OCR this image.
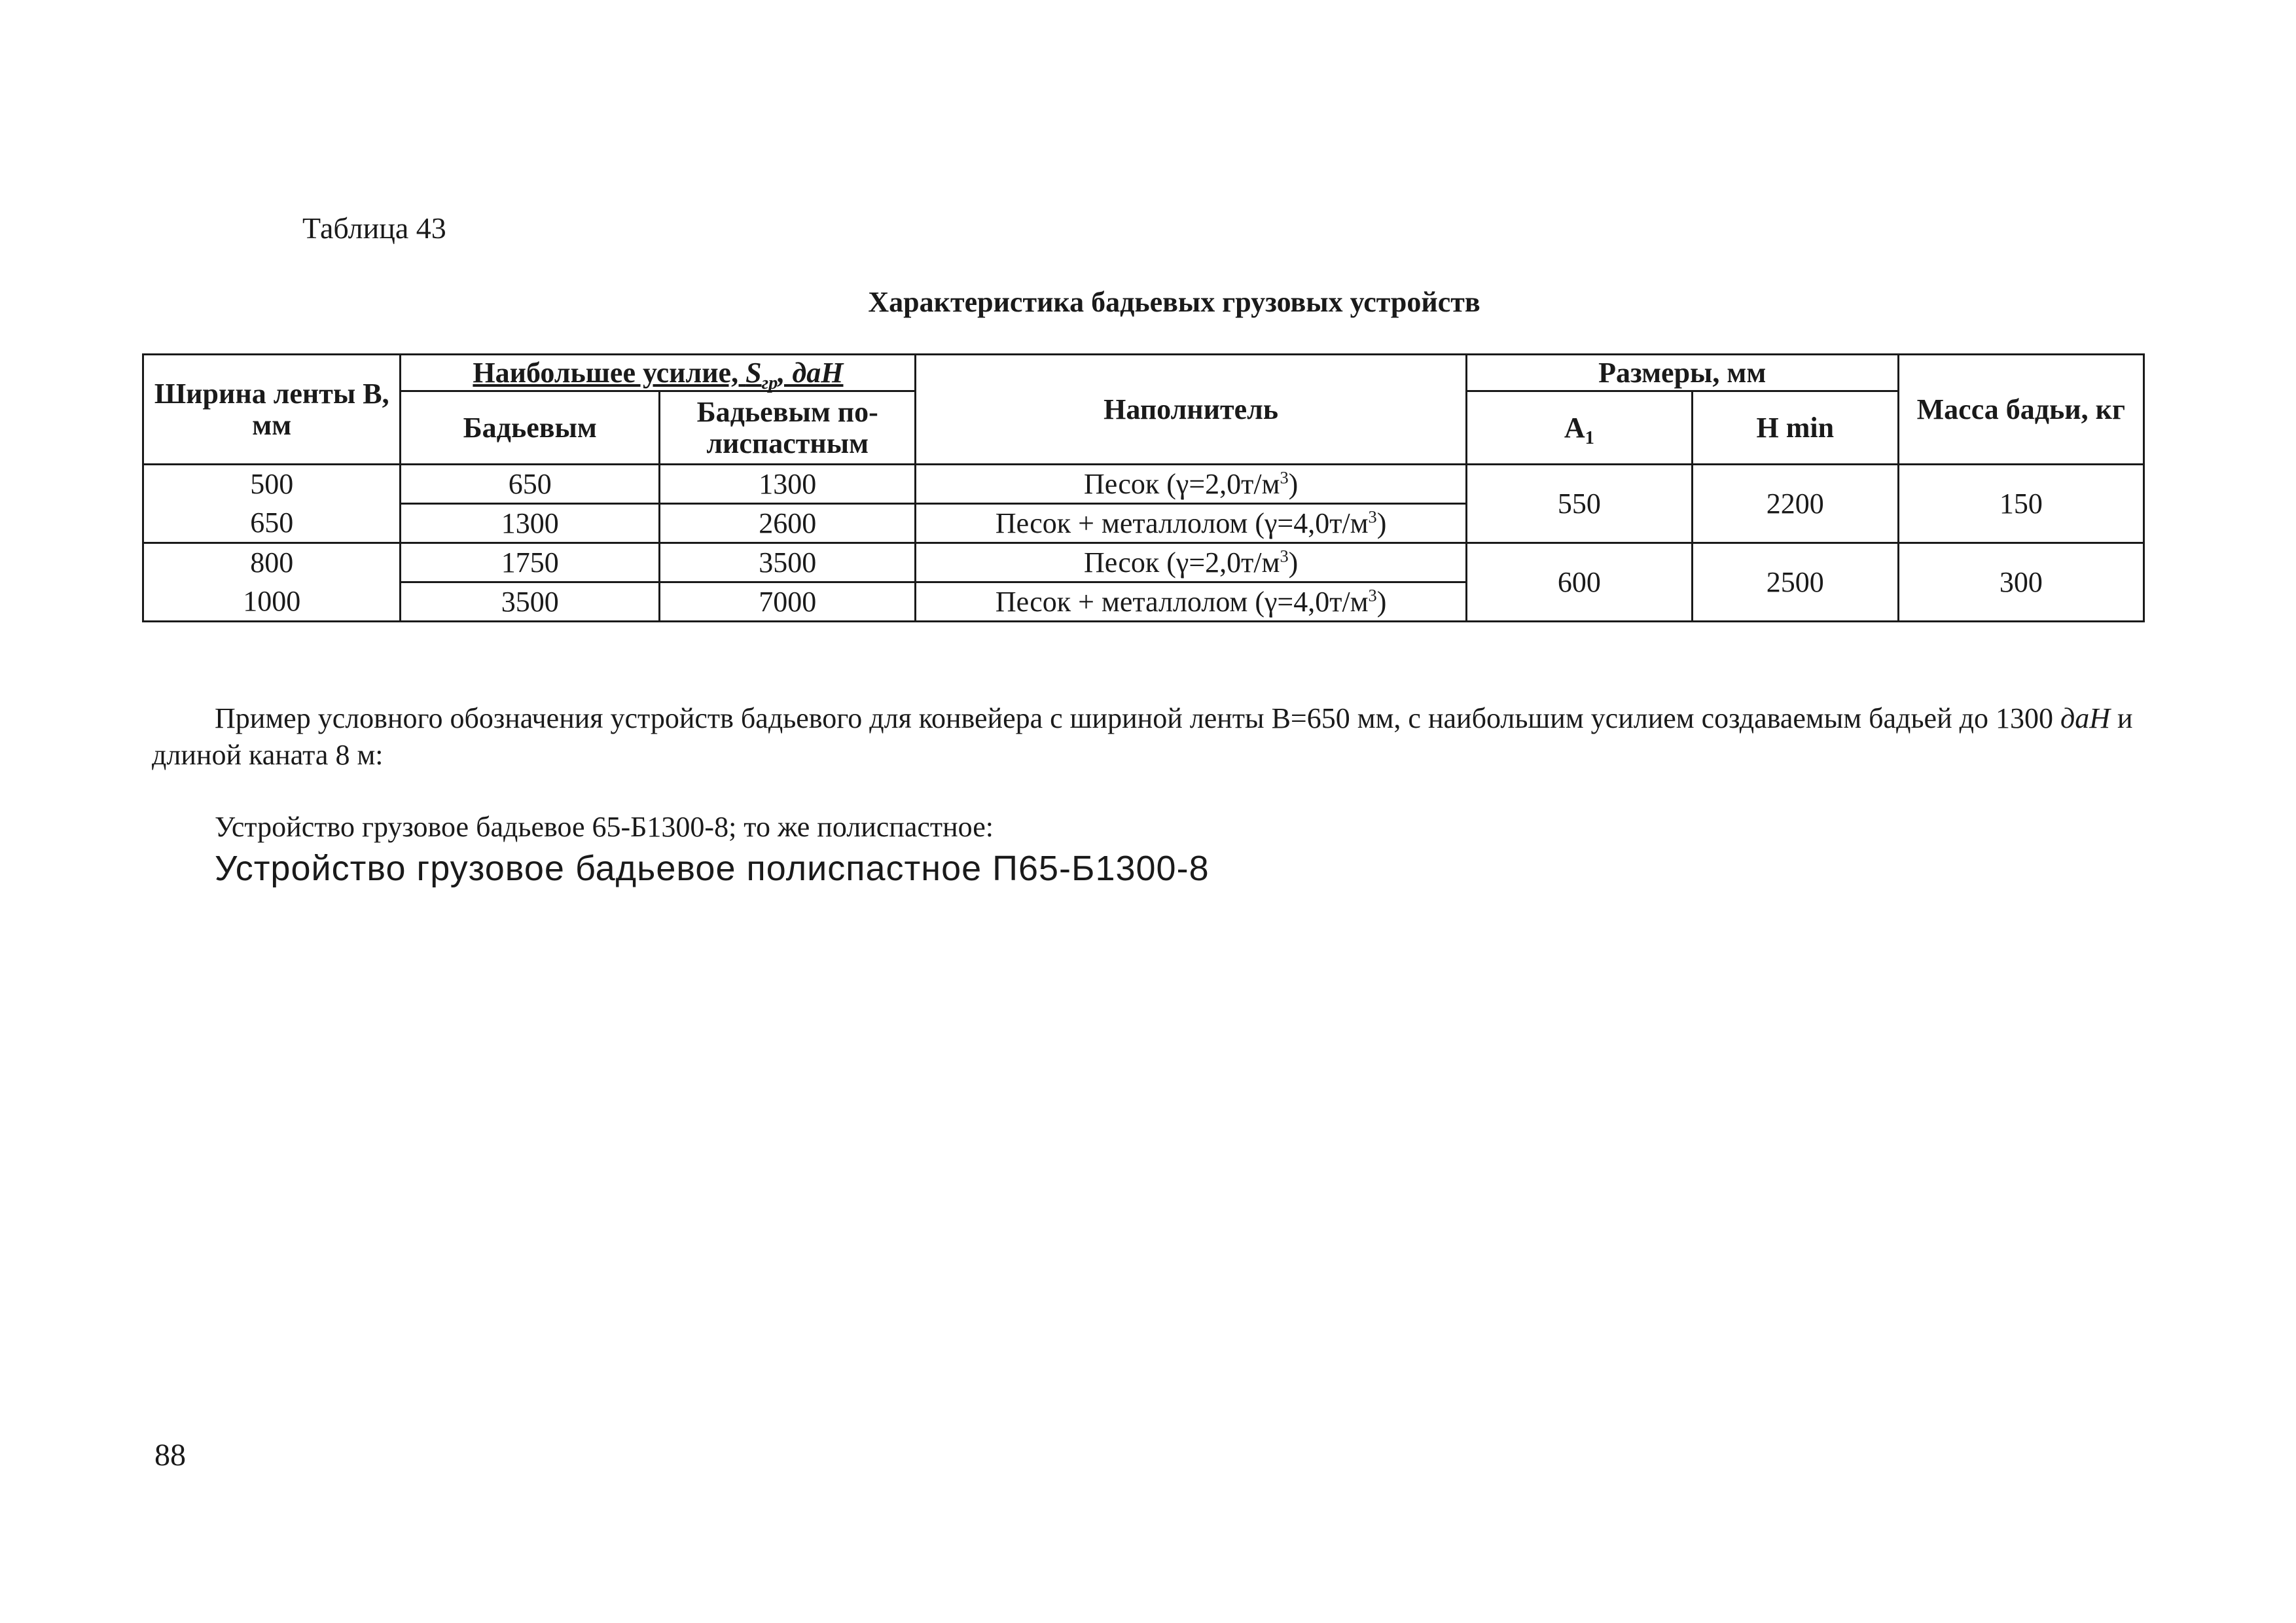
Таблица 43
Характеристика бадьевых грузовых устройств
Ширина ленты В, мм	Наибольшее усилие, $S_{гр}$, даН		Наполнитель	Размеры, мм		Масса бадьи, кг
	Бадьевым	Бадьевым по-лиспастным		$А_1$	H min	
500	650	1300	Песок $(\gamma=2,0т/м^3)$	550	2200	150
650	1300	2600	Песок + металлолом $(\gamma=4,0т/м^3)$			
800	1750	3500	Песок $(\gamma=2,0т/м^3)$	600	2500	300
1000	3500	7000	Песок + металлолом $(\gamma=4,0т/м^3)$			
Пример условного обозначения устройств бадьевого для конвейера с шириной ленты В=650 мм, с наибольшим усилием создаваемым бадьей до 1300 даН и длиной каната 8 м:
Устройство грузовое бадьевое 65-Б1300-8; то же полиспастное:
Устройство грузовое бадьевое полиспастное П65-Б1300-8
88
